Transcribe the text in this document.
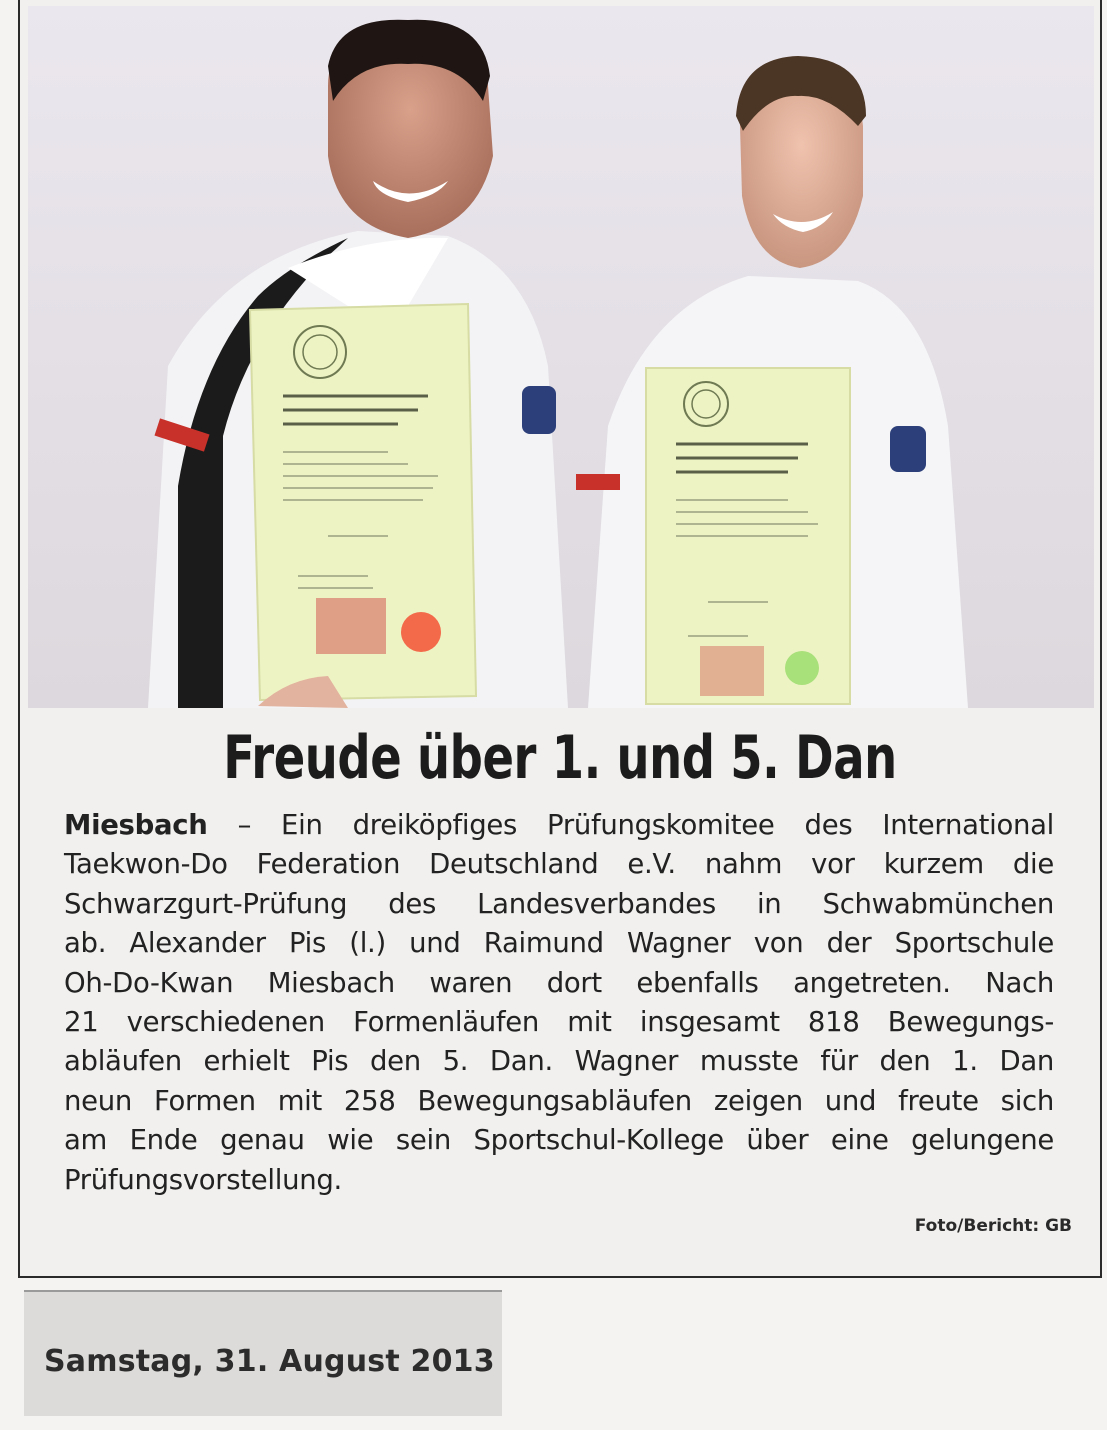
Freude über 1. und 5. Dan
Miesbach – Ein dreiköpfiges Prüfungskomitee des International
Taekwon-Do Federation Deutschland e.V. nahm vor kurzem die
Schwarzgurt-Prüfung des Landesverbandes in Schwabmünchen
ab. Alexander Pis (l.) und Raimund Wagner von der Sportschule
Oh-Do-Kwan Miesbach waren dort ebenfalls angetreten. Nach
21 verschiedenen Formenläufen mit insgesamt 818 Bewegungs-
abläufen erhielt Pis den 5. Dan. Wagner musste für den 1. Dan
neun Formen mit 258 Bewegungsabläufen zeigen und freute sich
am Ende genau wie sein Sportschul-Kollege über eine gelungene
Prüfungsvorstellung.
Foto/Bericht: GB
Samstag, 31. August 2013
